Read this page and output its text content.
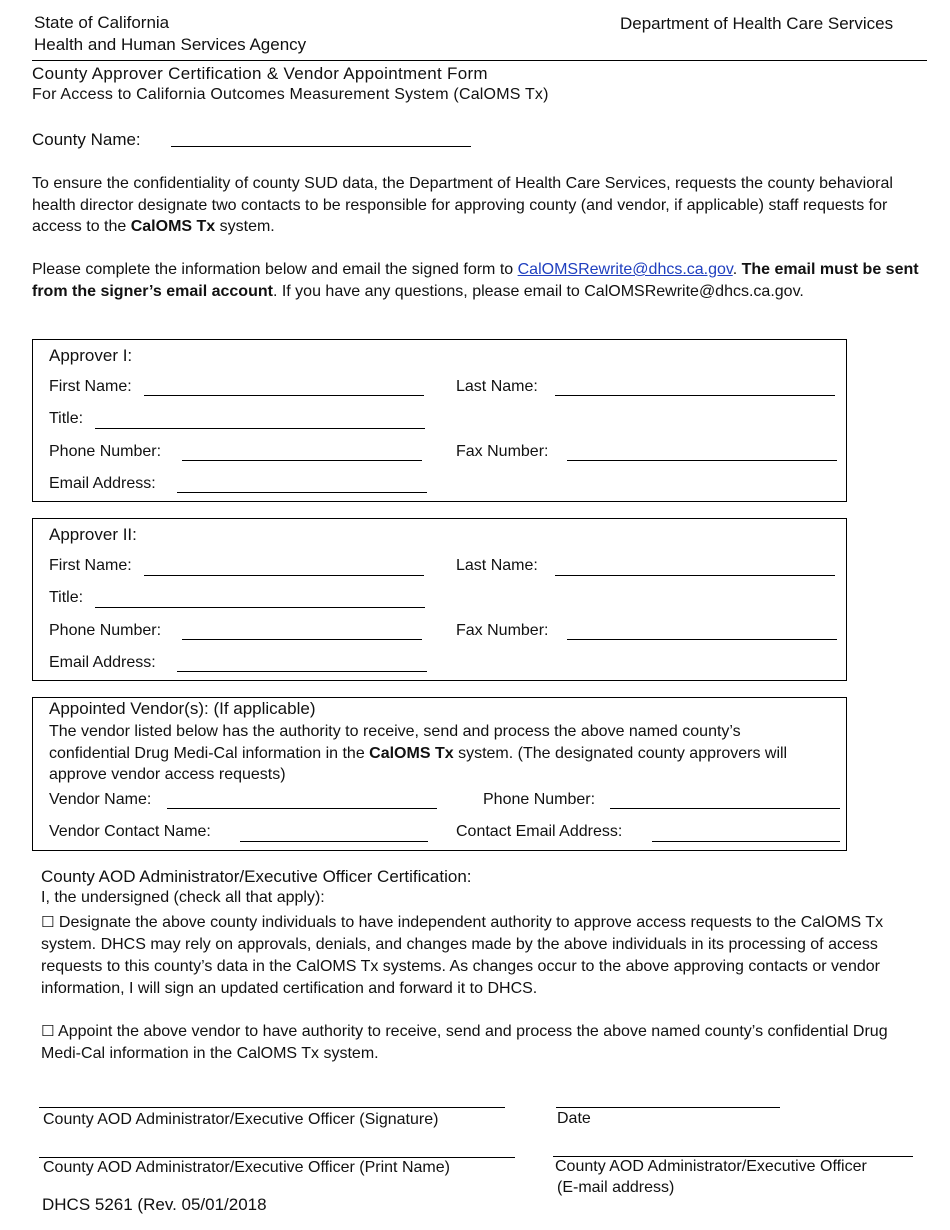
State of California
Health and Human Services Agency
Department of Health Care Services
County Approver Certification & Vendor Appointment Form
For Access to California Outcomes Measurement System (CalOMS Tx)
County Name:
To ensure the confidentiality of county SUD data, the Department of Health Care Services, requests the county behavioral health director designate two contacts to be responsible for approving county (and vendor, if applicable) staff requests for access to the CalOMS Tx system.
Please complete the information below and email the signed form to CalOMSRewrite@dhcs.ca.gov. The email must be sent from the signer’s email account. If you have any questions, please email to CalOMSRewrite@dhcs.ca.gov.
Approver I:
First Name:	Last Name:
Title:
Phone Number:	Fax Number:
Email Address:
Approver II:
First Name:	Last Name:
Title:
Phone Number:	Fax Number:
Email Address:
Appointed Vendor(s): (If applicable)
The vendor listed below has the authority to receive, send and process the above named county’s confidential Drug Medi-Cal information in the CalOMS Tx system. (The designated county approvers will approve vendor access requests)
Vendor Name:	Phone Number:
Vendor Contact Name:	Contact Email Address:
County AOD Administrator/Executive Officer Certification:
I, the undersigned (check all that apply):
☐ Designate the above county individuals to have independent authority to approve access requests to the CalOMS Tx system. DHCS may rely on approvals, denials, and changes made by the above individuals in its processing of access requests to this county’s data in the CalOMS Tx systems. As changes occur to the above approving contacts or vendor information, I will sign an updated certification and forward it to DHCS.
☐ Appoint the above vendor to have authority to receive, send and process the above named county’s confidential Drug Medi-Cal information in the CalOMS Tx system.
County AOD Administrator/Executive Officer (Signature)	Date
County AOD Administrator/Executive Officer (Print Name)	County AOD Administrator/Executive Officer
(E-mail address)
DHCS 5261 (Rev. 05/01/2018
